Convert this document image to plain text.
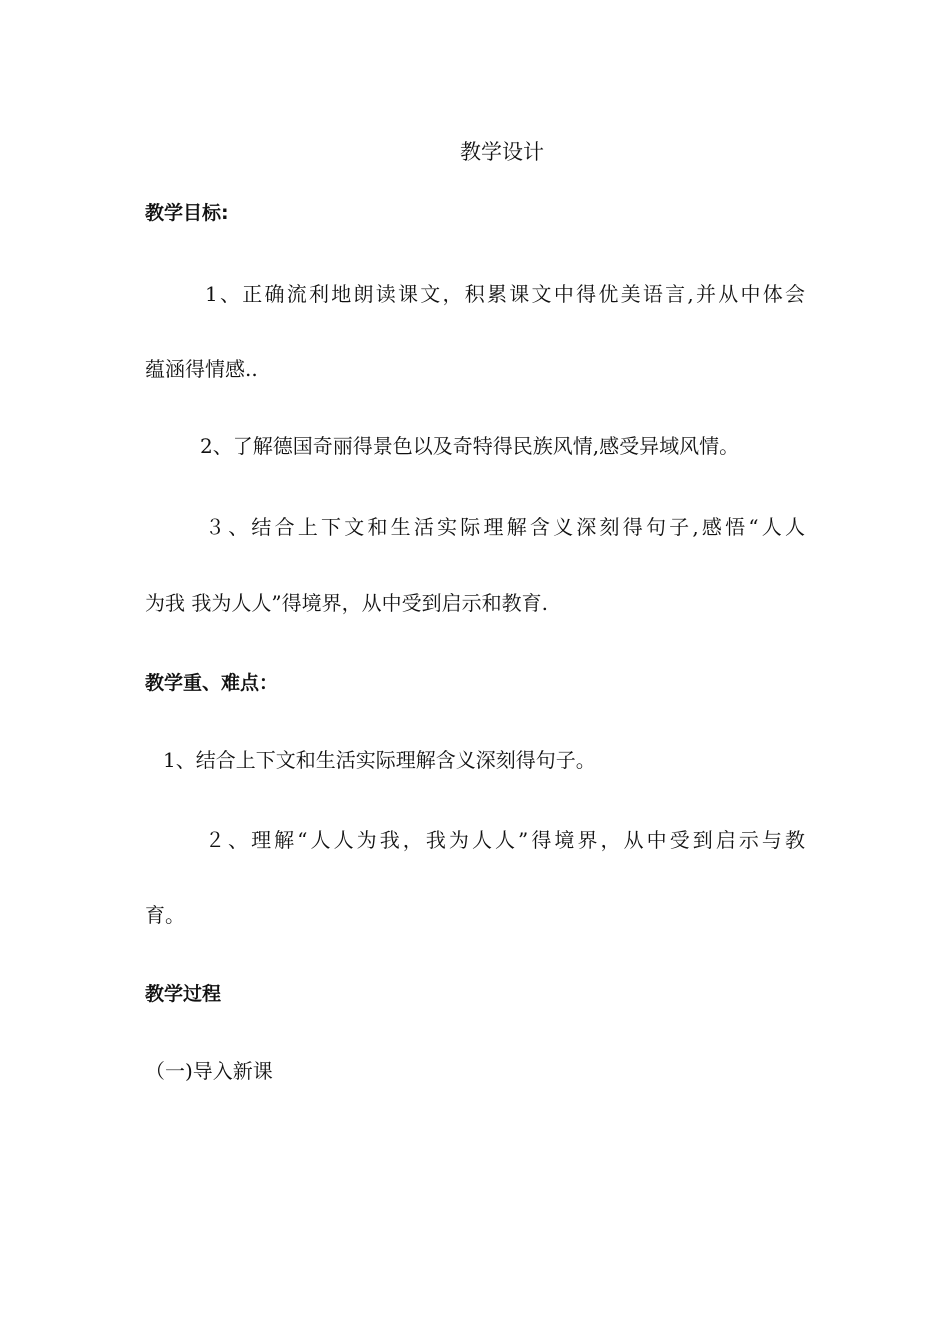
教学设计
教学目标:
1、正确流利地朗读课文，积累课文中得优美语言,并从中体会
蕴涵得情感..
2、了解德国奇丽得景色以及奇特得民族风情,感受异域风情。
３、结合上下文和生活实际理解含义深刻得句子,感悟“人人
为我 我为人人”得境界，从中受到启示和教育.
教学重、难点：
1、结合上下文和生活实际理解含义深刻得句子。
２、理解“人人为我，我为人人”得境界，从中受到启示与教
育。
教学过程
（一)导入新课
